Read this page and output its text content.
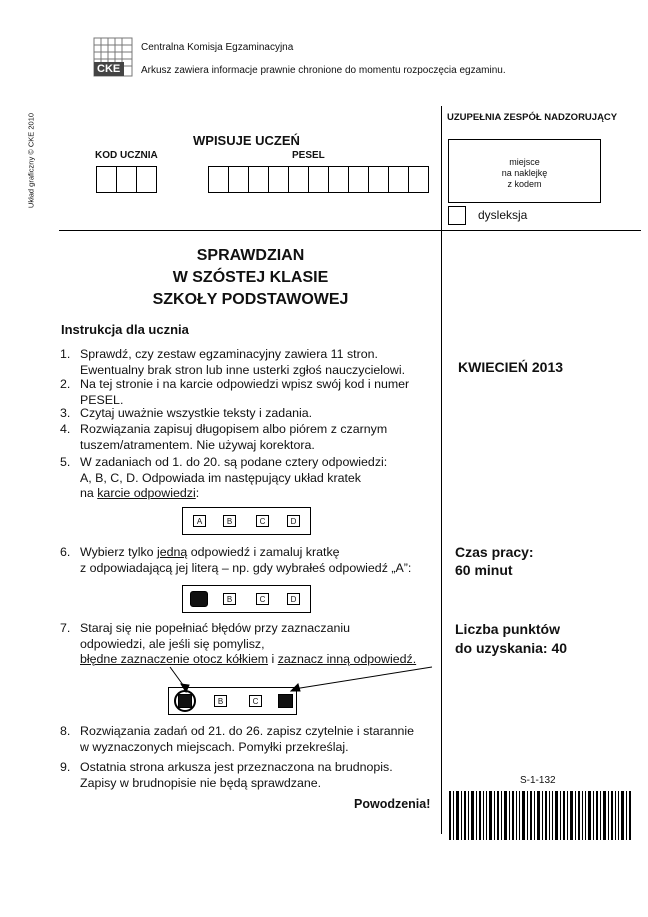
CKE
Centralna Komisja Egzaminacyjna
Arkusz zawiera informacje prawnie chronione do momentu rozpoczęcia egzaminu.
Układ graficzny © CKE 2010	WPISUJE UCZEŃ
KOD UCZNIA	PESEL
UZUPEŁNIA ZESPÓŁ NADZORUJĄCY
miejsce
na naklejkę
z kodem
dysleksja
SPRAWDZIAN
W SZÓSTEJ KLASIE
SZKOŁY PODSTAWOWEJ
Instrukcja dla ucznia
1. Sprawdź, czy zestaw egzaminacyjny zawiera 11 stron.
Ewentualny brak stron lub inne usterki zgłoś nauczycielowi.
2. Na tej stronie i na karcie odpowiedzi wpisz swój kod i numer
PESEL.
3. Czytaj uważnie wszystkie teksty i zadania.
4. Rozwiązania zapisuj długopisem albo piórem z czarnym
tuszem/atramentem. Nie używaj korektora.
5. W zadaniach od 1. do 20. są podane cztery odpowiedzi:
A, B, C, D. Odpowiada im następujący układ kratek
na karcie odpowiedzi:
A	B	C	D
6. Wybierz tylko jedną odpowiedź i zamaluj kratkę
z odpowiadającą jej literą – np. gdy wybrałeś odpowiedź „A”:
B	C	D
7. Staraj się nie popełniać błędów przy zaznaczaniu
odpowiedzi, ale jeśli się pomylisz,
błędne zaznaczenie otocz kółkiem i zaznacz inną odpowiedź.
B	C
8. Rozwiązania zadań od 21. do 26. zapisz czytelnie i starannie
w wyznaczonych miejscach. Pomyłki przekreślaj.
9. Ostatnia strona arkusza jest przeznaczona na brudnopis.
Zapisy w brudnopisie nie będą sprawdzane.
Powodzenia!
KWIECIEŃ 2013
Czas pracy:
60 minut
Liczba punktów
do uzyskania: 40
S-1-132
